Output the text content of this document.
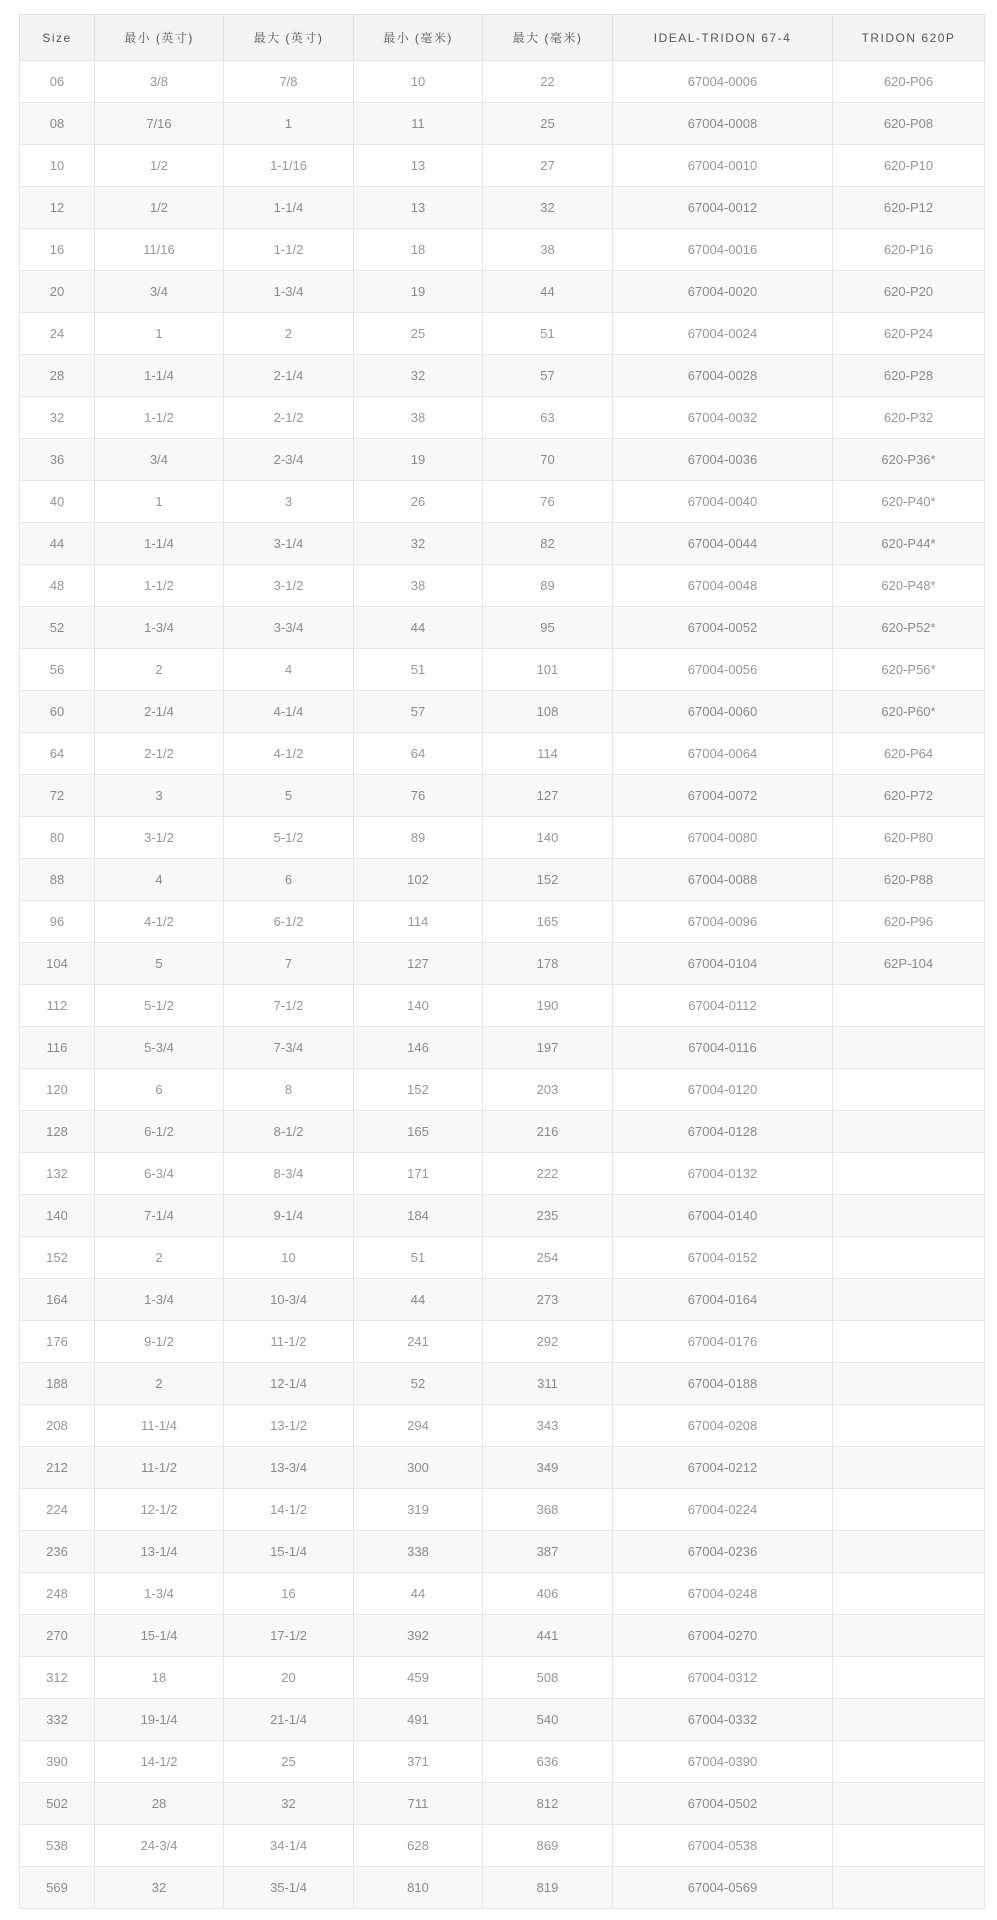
Size	最小 (英寸)	最大 (英寸)	最小 (毫米)	最大 (毫米)	IDEAL-TRIDON 67-4	TRIDON 620P
06	3/8	7/8	10	22	67004-0006	620-P06
08	7/16	1	11	25	67004-0008	620-P08
10	1/2	1-1/16	13	27	67004-0010	620-P10
12	1/2	1-1/4	13	32	67004-0012	620-P12
16	11/16	1-1/2	18	38	67004-0016	620-P16
20	3/4	1-3/4	19	44	67004-0020	620-P20
24	1	2	25	51	67004-0024	620-P24
28	1-1/4	2-1/4	32	57	67004-0028	620-P28
32	1-1/2	2-1/2	38	63	67004-0032	620-P32
36	3/4	2-3/4	19	70	67004-0036	620-P36*
40	1	3	26	76	67004-0040	620-P40*
44	1-1/4	3-1/4	32	82	67004-0044	620-P44*
48	1-1/2	3-1/2	38	89	67004-0048	620-P48*
52	1-3/4	3-3/4	44	95	67004-0052	620-P52*
56	2	4	51	101	67004-0056	620-P56*
60	2-1/4	4-1/4	57	108	67004-0060	620-P60*
64	2-1/2	4-1/2	64	114	67004-0064	620-P64
72	3	5	76	127	67004-0072	620-P72
80	3-1/2	5-1/2	89	140	67004-0080	620-P80
88	4	6	102	152	67004-0088	620-P88
96	4-1/2	6-1/2	114	165	67004-0096	620-P96
104	5	7	127	178	67004-0104	62P-104
112	5-1/2	7-1/2	140	190	67004-0112	
116	5-3/4	7-3/4	146	197	67004-0116	
120	6	8	152	203	67004-0120	
128	6-1/2	8-1/2	165	216	67004-0128	
132	6-3/4	8-3/4	171	222	67004-0132	
140	7-1/4	9-1/4	184	235	67004-0140	
152	2	10	51	254	67004-0152	
164	1-3/4	10-3/4	44	273	67004-0164	
176	9-1/2	11-1/2	241	292	67004-0176	
188	2	12-1/4	52	311	67004-0188	
208	11-1/4	13-1/2	294	343	67004-0208	
212	11-1/2	13-3/4	300	349	67004-0212	
224	12-1/2	14-1/2	319	368	67004-0224	
236	13-1/4	15-1/4	338	387	67004-0236	
248	1-3/4	16	44	406	67004-0248	
270	15-1/4	17-1/2	392	441	67004-0270	
312	18	20	459	508	67004-0312	
332	19-1/4	21-1/4	491	540	67004-0332	
390	14-1/2	25	371	636	67004-0390	
502	28	32	711	812	67004-0502	
538	24-3/4	34-1/4	628	869	67004-0538	
569	32	35-1/4	810	819	67004-0569	
